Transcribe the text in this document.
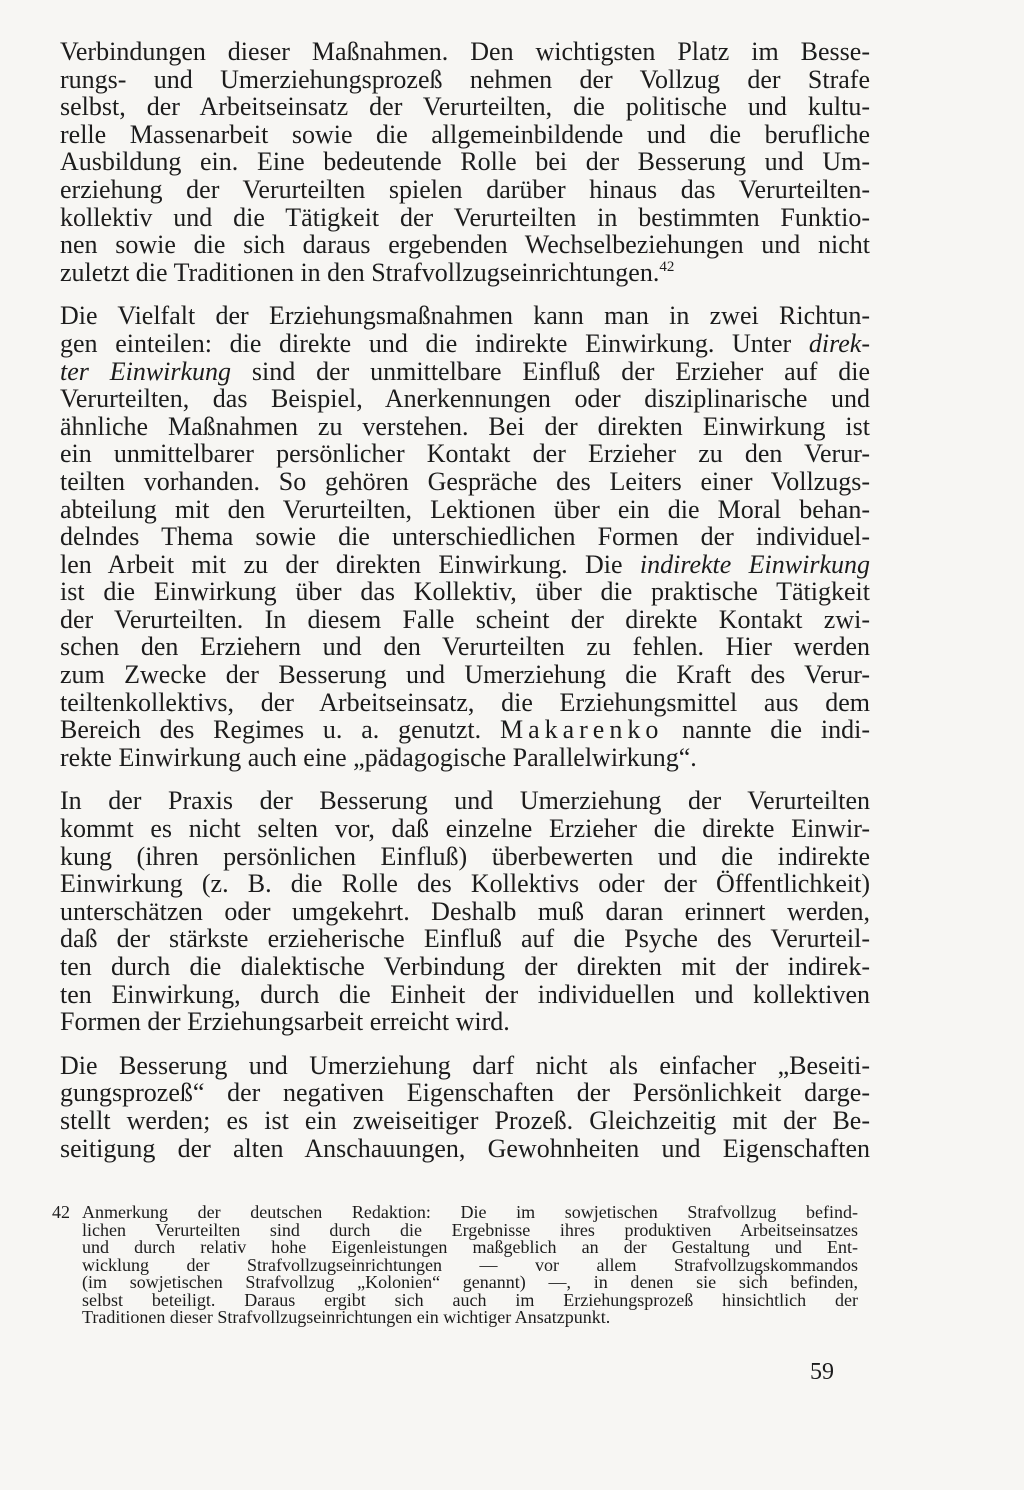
Verbindungen dieser Maßnahmen. Den wichtigsten Platz im Besse-
rungs- und Umerziehungsprozeß nehmen der Vollzug der Strafe
selbst, der Arbeitseinsatz der Verurteilten, die politische und kultu-
relle Massenarbeit sowie die allgemeinbildende und die berufliche
Ausbildung ein. Eine bedeutende Rolle bei der Besserung und Um-
erziehung der Verurteilten spielen darüber hinaus das Verurteilten-
kollektiv und die Tätigkeit der Verurteilten in bestimmten Funktio-
nen sowie die sich daraus ergebenden Wechselbeziehungen und nicht
zuletzt die Traditionen in den Strafvollzugseinrichtungen.$^{42}$
Die Vielfalt der Erziehungsmaßnahmen kann man in zwei Richtun-
gen einteilen: die direkte und die indirekte Einwirkung. Unter direk-
ter Einwirkung sind der unmittelbare Einfluß der Erzieher auf die
Verurteilten, das Beispiel, Anerkennungen oder disziplinarische und
ähnliche Maßnahmen zu verstehen. Bei der direkten Einwirkung ist
ein unmittelbarer persönlicher Kontakt der Erzieher zu den Verur-
teilten vorhanden. So gehören Gespräche des Leiters einer Vollzugs-
abteilung mit den Verurteilten, Lektionen über ein die Moral behan-
delndes Thema sowie die unterschiedlichen Formen der individuel-
len Arbeit mit zu der direkten Einwirkung. Die indirekte Einwirkung
ist die Einwirkung über das Kollektiv, über die praktische Tätigkeit
der Verurteilten. In diesem Falle scheint der direkte Kontakt zwi-
schen den Erziehern und den Verurteilten zu fehlen. Hier werden
zum Zwecke der Besserung und Umerziehung die Kraft des Verur-
teiltenkollektivs, der Arbeitseinsatz, die Erziehungsmittel aus dem
Bereich des Regimes u. a. genutzt. Makarenko nannte die indi-
rekte Einwirkung auch eine „pädagogische Parallelwirkung“.
In der Praxis der Besserung und Umerziehung der Verurteilten
kommt es nicht selten vor, daß einzelne Erzieher die direkte Einwir-
kung (ihren persönlichen Einfluß) überbewerten und die indirekte
Einwirkung (z. B. die Rolle des Kollektivs oder der Öffentlichkeit)
unterschätzen oder umgekehrt. Deshalb muß daran erinnert werden,
daß der stärkste erzieherische Einfluß auf die Psyche des Verurteil-
ten durch die dialektische Verbindung der direkten mit der indirek-
ten Einwirkung, durch die Einheit der individuellen und kollektiven
Formen der Erziehungsarbeit erreicht wird.
Die Besserung und Umerziehung darf nicht als einfacher „Beseiti-
gungsprozeß“ der negativen Eigenschaften der Persönlichkeit darge-
stellt werden; es ist ein zweiseitiger Prozeß. Gleichzeitig mit der Be-
seitigung der alten Anschauungen, Gewohnheiten und Eigenschaften
42 Anmerkung der deutschen Redaktion: Die im sowjetischen Strafvollzug befind-
lichen Verurteilten sind durch die Ergebnisse ihres produktiven Arbeitseinsatzes
und durch relativ hohe Eigenleistungen maßgeblich an der Gestaltung und Ent-
wicklung der Strafvollzugseinrichtungen — vor allem Strafvollzugskommandos
(im sowjetischen Strafvollzug „Kolonien“ genannt) —, in denen sie sich befinden,
selbst beteiligt. Daraus ergibt sich auch im Erziehungsprozeß hinsichtlich der
Traditionen dieser Strafvollzugseinrichtungen ein wichtiger Ansatzpunkt.
59
